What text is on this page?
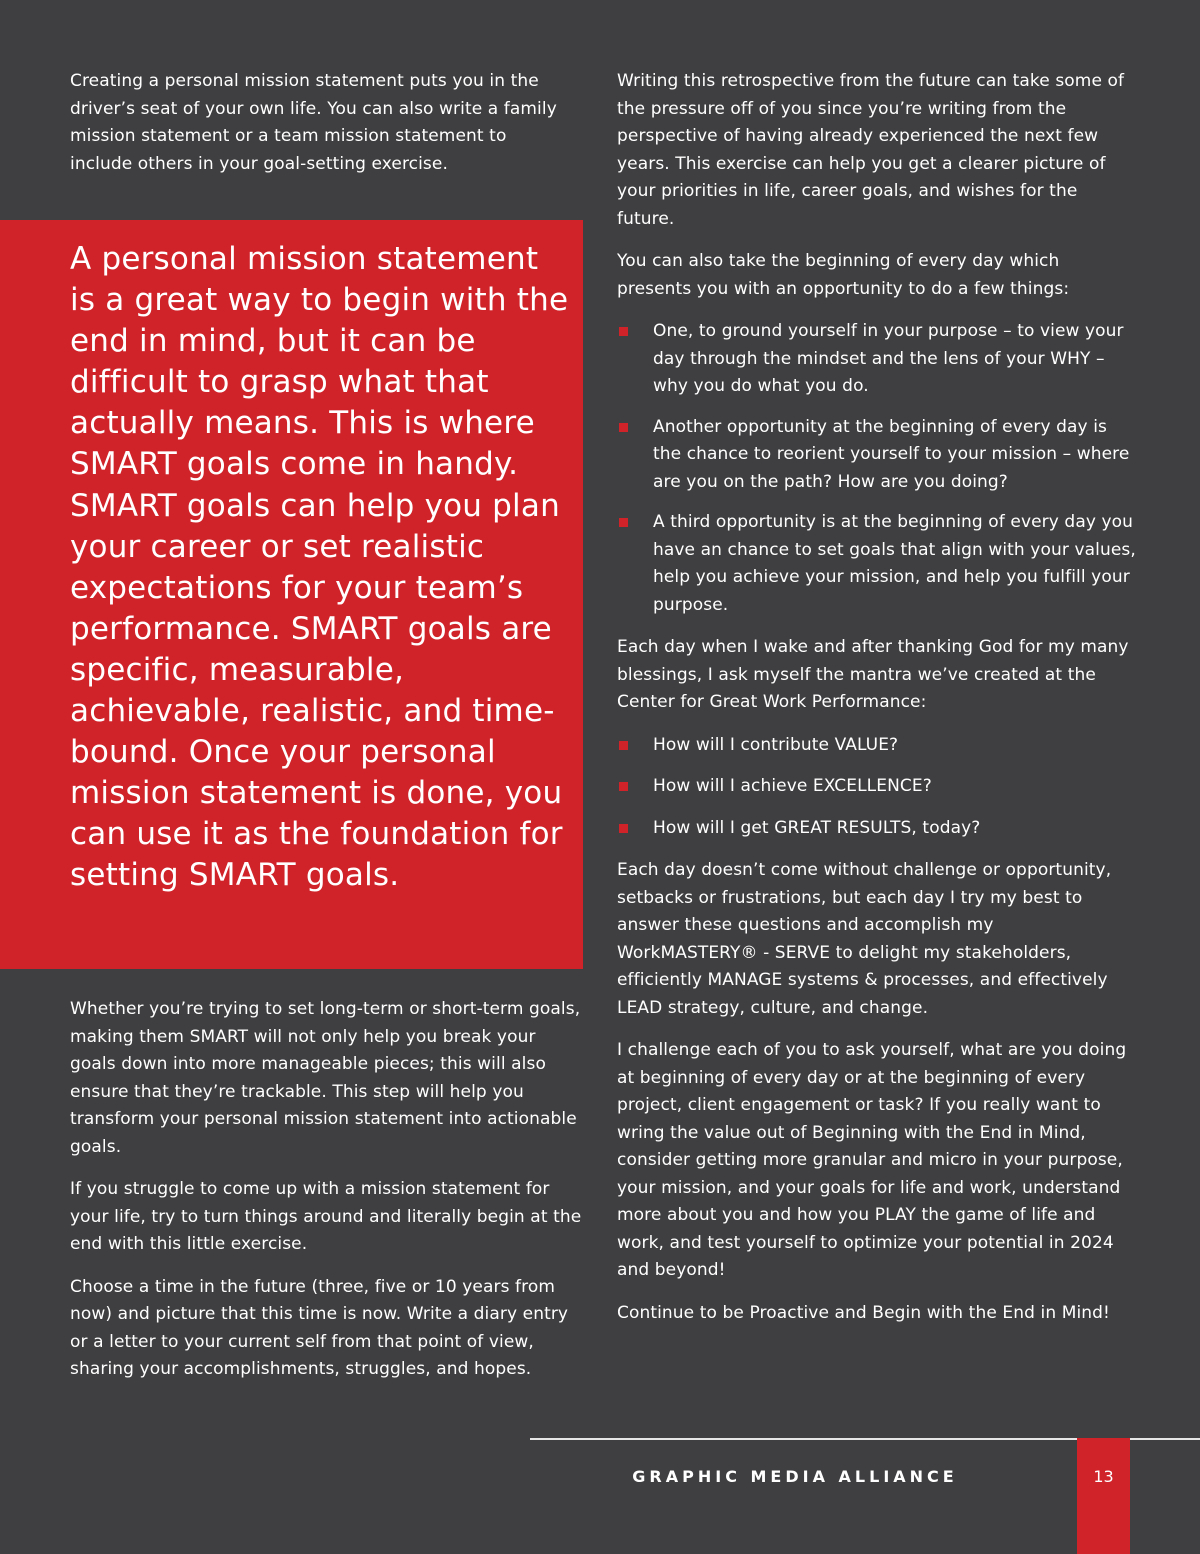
Creating a personal mission statement puts you in the driver’s seat of your own life. You can also write a family mission statement or a team mission statement to include others in your goal-setting exercise.

A personal mission statement is a great way to begin with the end in mind, but it can be difficult to grasp what that actually means. This is where SMART goals come in handy. SMART goals can help you plan your career or set realistic expectations for your team’s performance. SMART goals are specific, measurable, achievable, realistic, and time-bound. Once your personal mission statement is done, you can use it as the foundation for setting SMART goals.

Whether you’re trying to set long-term or short-term goals, making them SMART will not only help you break your goals down into more manageable pieces; this will also ensure that they’re trackable. This step will help you transform your personal mission statement into actionable goals.

If you struggle to come up with a mission statement for your life, try to turn things around and literally begin at the end with this little exercise.

Choose a time in the future (three, five or 10 years from now) and picture that this time is now. Write a diary entry or a letter to your current self from that point of view, sharing your accomplishments, struggles, and hopes.

Writing this retrospective from the future can take some of the pressure off of you since you’re writing from the perspective of having already experienced the next few years. This exercise can help you get a clearer picture of your priorities in life, career goals, and wishes for the future.

You can also take the beginning of every day which presents you with an opportunity to do a few things:

One, to ground yourself in your purpose – to view your day through the mindset and the lens of your WHY – why you do what you do.
Another opportunity at the beginning of every day is the chance to reorient yourself to your mission – where are you on the path? How are you doing?
A third opportunity is at the beginning of every day you have an chance to set goals that align with your values, help you achieve your mission, and help you fulfill your purpose.

Each day when I wake and after thanking God for my many blessings, I ask myself the mantra we’ve created at the Center for Great Work Performance:

How will I contribute VALUE?
How will I achieve EXCELLENCE?
How will I get GREAT RESULTS, today?

Each day doesn’t come without challenge or opportunity, setbacks or frustrations, but each day I try my best to answer these questions and accomplish my WorkMASTERY® - SERVE to delight my stakeholders, efficiently MANAGE systems & processes, and effectively LEAD strategy, culture, and change.

I challenge each of you to ask yourself, what are you doing at beginning of every day or at the beginning of every project, client engagement or task? If you really want to wring the value out of Beginning with the End in Mind, consider getting more granular and micro in your purpose, your mission, and your goals for life and work, understand more about you and how you PLAY the game of life and work, and test yourself to optimize your potential in 2024 and beyond!

Continue to be Proactive and Begin with the End in Mind!

GRAPHIC MEDIA ALLIANCE	13
